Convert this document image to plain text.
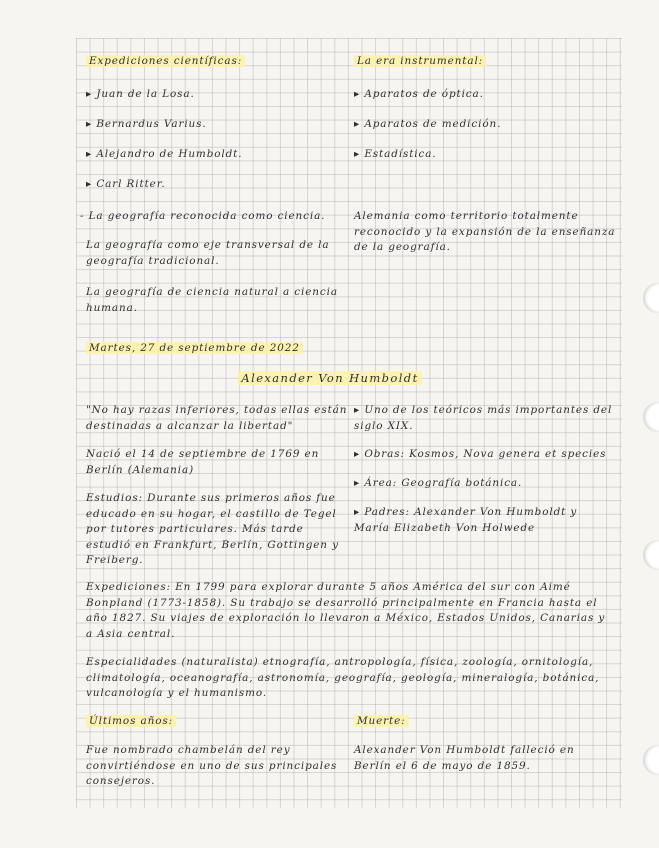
Expediciones científicas:

▸ Juan de la Losa.

▸ Bernardus Varius.

▸ Alejandro de Humboldt.

▸ Carl Ritter.

- La geografía reconocida como ciencia.

La geografía como eje transversal de la geografía tradicional.

La geografía de ciencia natural a ciencia humana.

La era instrumental:

▸ Aparatos de óptica.

▸ Aparatos de medición.

▸ Estadística.

Alemania como territorio totalmente reconocido y la expansión de la enseñanza de la geografía.

Martes, 27 de septiembre de 2022

Alexander Von Humboldt

"No hay razas inferiores, todas ellas están destinadas a alcanzar la libertad"

Nació el 14 de septiembre de 1769 en Berlín (Alemania)

Estudios: Durante sus primeros años fue educado en su hogar, el castillo de Tegel por tutores particulares. Más tarde estudió en Frankfurt, Berlín, Gottingen y Freiberg.

▸ Uno de los teóricos más importantes del siglo XIX.

▸ Obras: Kosmos, Nova genera et species

▸ Área: Geografía botánica.

▸ Padres: Alexander Von Humboldt y María Elizabeth Von Holwede

Expediciones: En 1799 para explorar durante 5 años América del sur con Aimé Bonpland (1773-1858). Su trabajo se desarrolló principalmente en Francia hasta el año 1827. Su viajes de exploración lo llevaron a México, Estados Unidos, Canarias y a Asia central.

Especialidades (naturalista) etnografía, antropología, física, zoología, ornitología, climatología, oceanografía, astronomía, geografía, geología, mineralogía, botánica, vulcanología y el humanismo.

Últimos años:

Fue nombrado chambelán del rey convirtiéndose en uno de sus principales consejeros.

Muerte:

Alexander Von Humboldt falleció en Berlín el 6 de mayo de 1859.
